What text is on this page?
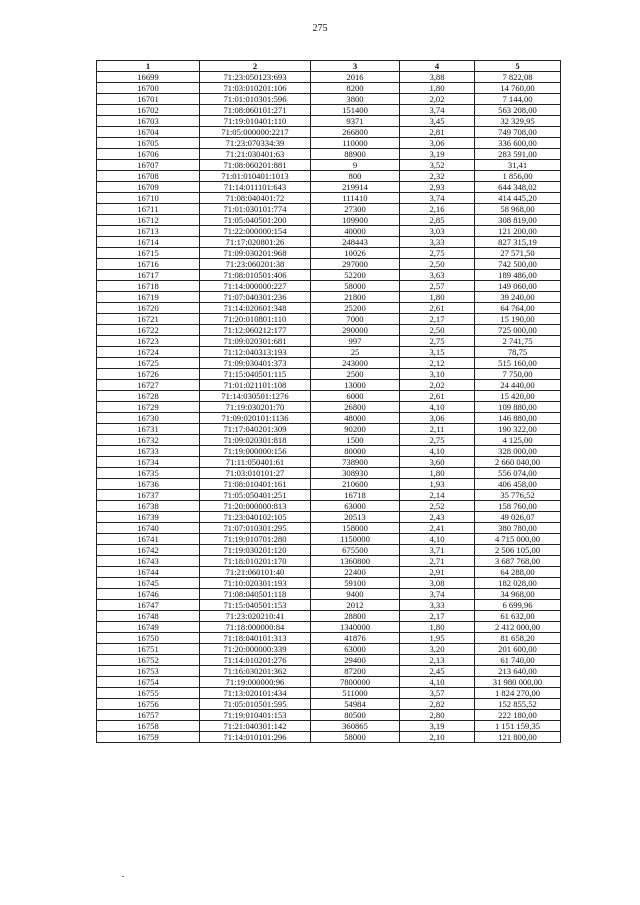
275
1	2	3	4	5
16699	71:23:050123:693	2016	3,88	7 822,08
16700	71:03:010201:106	8200	1,80	14 760,00
16701	71:01:010301:596	3800	2,02	7 144,00
16702	71:08:060101:271	151400	3,74	563 208,00
16703	71:19:010401:110	9371	3,45	32 329,95
16704	71:05:000000:2217	266800	2,81	749 708,00
16705	71:23:070334:39	110000	3,06	336 600,00
16706	71:21:030401:63	88900	3,19	283 591,00
16707	71:08:060201:881	9	3,52	31,41
16708	71:01:010401:1013	800	2,32	1 856,00
16709	71:14:011101:643	219914	2,93	644 348,02
16710	71:08:040401:72	111410	3,74	414 445,20
16711	71:01:030101:774	27300	2,16	58 968,00
16712	71:05:040501:200	109900	2,85	308 819,00
16713	71:22:000000:154	40000	3,03	121 200,00
16714	71:17:020801:26	248443	3,33	827 315,19
16715	71:09:030201:968	10026	2,75	27 571,50
16716	71:23:060201:38	297000	2,50	742 500,00
16717	71:08:010501:406	52200	3,63	189 486,00
16718	71:14:000000:227	58000	2,57	149 060,00
16719	71:07:040301:236	21800	1,80	39 240,00
16720	71:14:020601:348	25200	2,61	64 764,00
16721	71:20:010801:110	7000	2,17	15 190,00
16722	71:12:060212:177	290000	2,50	725 000,00
16723	71:09:020301:681	997	2,75	2 741,75
16724	71:12:040313:193	25	3,15	78,75
16725	71:09:030401:373	243000	2,12	515 160,00
16726	71:15:040501:115	2500	3,10	7 750,00
16727	71:01:021101:108	13000	2,02	24 440,00
16728	71:14:030501:1276	6000	2,61	15 420,00
16729	71:19:030201:70	26800	4,10	109 880,00
16730	71:09:020101:1136	48000	3,06	146 880,00
16731	71:17:040201:309	90200	2,11	190 322,00
16732	71:09:020301:818	1500	2,75	4 125,00
16733	71:19:000000:156	80000	4,10	328 000,00
16734	71:11:050401:61	738900	3,60	2 660 040,00
16735	71:03:010101:27	308930	1,80	556 074,00
16736	71:08:010401:161	210600	1,93	406 458,00
16737	71:05:050401:251	16718	2,14	35 776,52
16738	71:20:000000:813	63000	2,52	158 760,00
16739	71:23:040102:105	20513	2,43	49 026,07
16740	71:07:010301:295	158000	2,41	380 780,00
16741	71:19:010701:280	1150000	4,10	4 715 000,00
16742	71:19:030201:120	675500	3,71	2 506 105,00
16743	71:18:010201:170	1360800	2,71	3 687 768,00
16744	71:21:060101:40	22400	2,91	64 288,00
16745	71:10:020301:193	59100	3,08	182 028,00
16746	71:08:040501:118	9400	3,74	34 968,00
16747	71:15:040501:153	2012	3,33	6 699,96
16748	71:23:020210:41	28800	2,17	61 632,00
16749	71:18:000000:84	1340000	1,80	2 412 000,00
16750	71:18:040101:313	41876	1,95	81 658,20
16751	71:20:000000:339	63000	3,20	201 600,00
16752	71:14:010201:276	29400	2,13	61 740,00
16753	71:16:030201:362	87200	2,45	213 640,00
16754	71:19:000000:96	7800000	4,10	31 980 000,00
16755	71:13:020101:434	511000	3,57	1 824 270,00
16756	71:05:010501:595	54984	2,82	152 855,52
16757	71:19:010401:153	80500	2,80	222 180,00
16758	71:21:040301:142	360865	3,19	1 151 159,35
16759	71:14:010101:296	58000	2,10	121 800,00
